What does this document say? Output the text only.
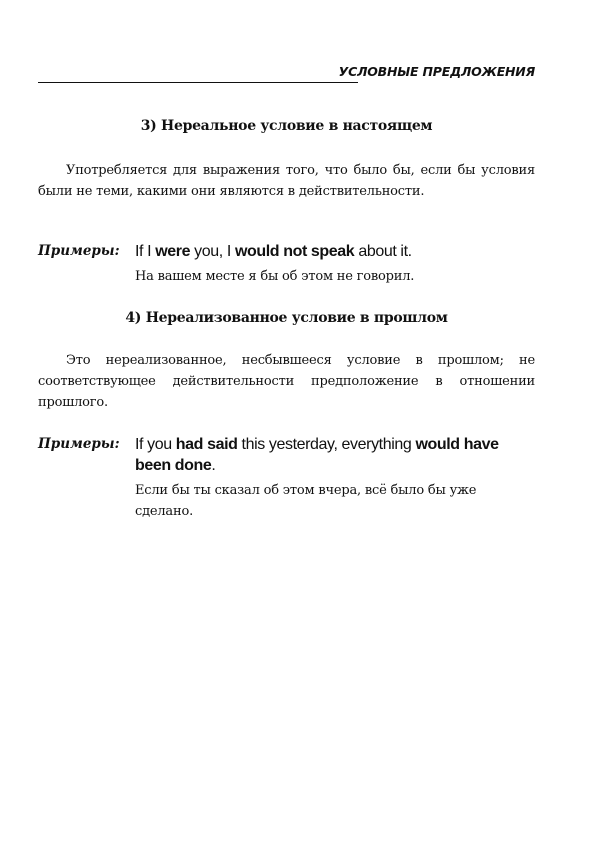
УСЛОВНЫЕ ПРЕДЛОЖЕНИЯ
3) Нереальное условие в настоящем
Употребляется для выражения того, что было бы, если бы условия были не теми, какими они являются в действительности.
Примеры: If I were you, I would not speak about it.
На вашем месте я бы об этом не говорил.
4) Нереализованное условие в прошлом
Это нереализованное, несбывшееся условие в прошлом; не соответствующее действительности предположение в отношении прошлого.
Примеры: If you had said this yesterday, everything would have been done.
Если бы ты сказал об этом вчера, всё было бы уже сделано.
